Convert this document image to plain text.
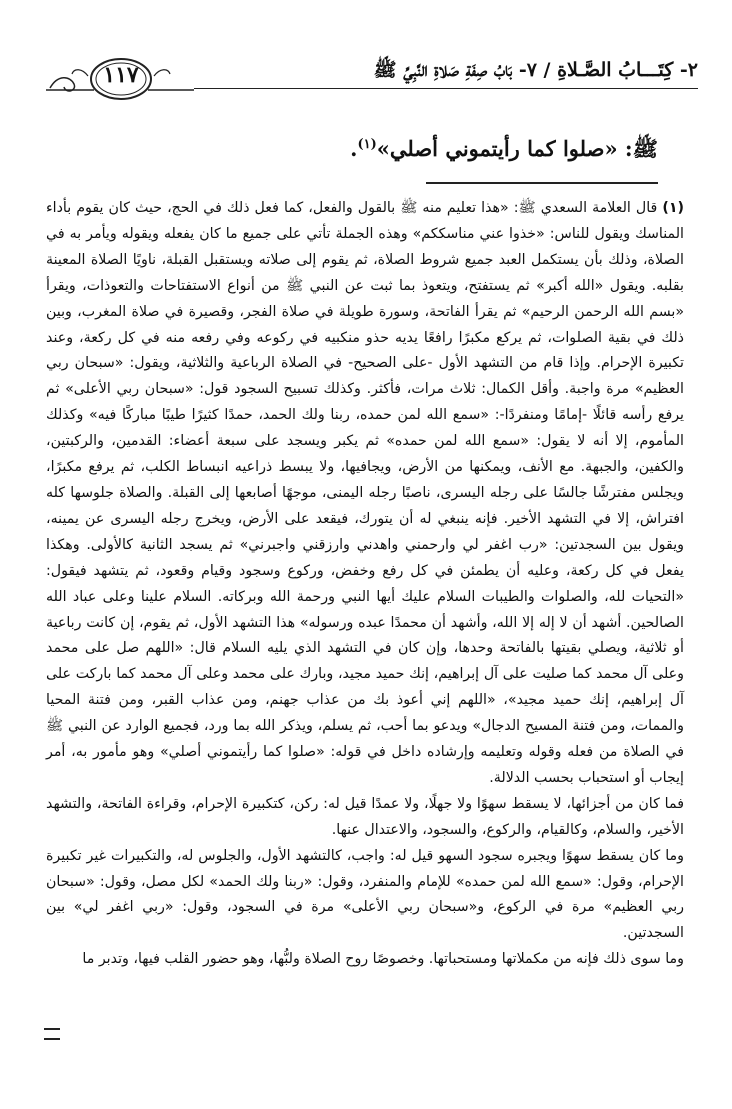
١١٧	٢- كِتَـــابُ الصَّـلاةِ / ٧- بَابُ صِفَةِ صَلاةِ النَّبِيِّ ﷺ
ﷺ: «صلوا كما رأيتموني أصلي»$^{(١)}$.

(١) قال العلامة السعدي ﷺ: «هذا تعليم منه ﷺ بالقول والفعل، كما فعل ذلك في الحج، حيث كان يقوم بأداء المناسك ويقول للناس: «خذوا عني مناسككم» وهذه الجملة تأتي على جميع ما كان يفعله ويقوله ويأمر به في الصلاة، وذلك بأن يستكمل العبد جميع شروط الصلاة، ثم يقوم إلى صلاته ويستقبل القبلة، ناويًا الصلاة المعينة بقلبه. ويقول «الله أكبر» ثم يستفتح، ويتعوذ بما ثبت عن النبي ﷺ من أنواع الاستفتاحات والتعوذات، ويقرأ «بسم الله الرحمن الرحيم» ثم يقرأ الفاتحة، وسورة طويلة في صلاة الفجر، وقصيرة في صلاة المغرب، وبين ذلك في بقية الصلوات، ثم يركع مكبرًا رافعًا يديه حذو منكبيه في ركوعه وفي رفعه منه في كل ركعة، وعند تكبيرة الإحرام. وإذا قام من التشهد الأول -على الصحيح- في الصلاة الرباعية والثلاثية، ويقول: «سبحان ربي العظيم» مرة واجبة. وأقل الكمال: ثلاث مرات، فأكثر. وكذلك تسبيح السجود قول: «سبحان ربي الأعلى» ثم يرفع رأسه قائلًا -إمامًا ومنفردًا-: «سمع الله لمن حمده، ربنا ولك الحمد، حمدًا كثيرًا طيبًا مباركًا فيه» وكذلك المأموم، إلا أنه لا يقول: «سمع الله لمن حمده» ثم يكبر ويسجد على سبعة أعضاء: القدمين، والركبتين، والكفين، والجبهة. مع الأنف، ويمكنها من الأرض، ويجافيها، ولا يبسط ذراعيه انبساط الكلب، ثم يرفع مكبرًا، ويجلس مفترشًا جالسًا على رجله اليسرى، ناصبًا رجله اليمنى، موجهًا أصابعها إلى القبلة. والصلاة جلوسها كله افتراش، إلا في التشهد الأخير. فإنه ينبغي له أن يتورك، فيقعد على الأرض، ويخرج رجله اليسرى عن يمينه، ويقول بين السجدتين: «رب اغفر لي وارحمني واهدني وارزقني واجبرني» ثم يسجد الثانية كالأولى. وهكذا يفعل في كل ركعة، وعليه أن يطمئن في كل رفع وخفض، وركوع وسجود وقيام وقعود، ثم يتشهد فيقول: «التحيات لله، والصلوات والطيبات السلام عليك أيها النبي ورحمة الله وبركاته. السلام علينا وعلى عباد الله الصالحين. أشهد أن لا إله إلا الله، وأشهد أن محمدًا عبده ورسوله» هذا التشهد الأول، ثم يقوم، إن كانت رباعية أو ثلاثية، ويصلي بقيتها بالفاتحة وحدها، وإن كان في التشهد الذي يليه السلام قال: «اللهم صل على محمد وعلى آل محمد كما صليت على آل إبراهيم، إنك حميد مجيد، وبارك على محمد وعلى آل محمد كما باركت على آل إبراهيم، إنك حميد مجيد»، «اللهم إني أعوذ بك من عذاب جهنم، ومن عذاب القبر، ومن فتنة المحيا والممات، ومن فتنة المسيح الدجال» ويدعو بما أحب، ثم يسلم، ويذكر الله بما ورد، فجميع الوارد عن النبي ﷺ في الصلاة من فعله وقوله وتعليمه وإرشاده داخل في قوله: «صلوا كما رأيتموني أصلي» وهو مأمور به، أمر إيجاب أو استحباب بحسب الدلالة.

فما كان من أجزائها، لا يسقط سهوًا ولا جهلًا، ولا عمدًا قيل له: ركن، كتكبيرة الإحرام، وقراءة الفاتحة، والتشهد الأخير، والسلام، وكالقيام، والركوع، والسجود، والاعتدال عنها.

وما كان يسقط سهوًا ويجبره سجود السهو قيل له: واجب، كالتشهد الأول، والجلوس له، والتكبيرات غير تكبيرة الإحرام، وقول: «سمع الله لمن حمده» للإمام والمنفرد، وقول: «ربنا ولك الحمد» لكل مصل، وقول: «سبحان ربي العظيم» مرة في الركوع، و«سبحان ربي الأعلى» مرة في السجود، وقول: «ربي اغفر لي» بين السجدتين.

وما سوى ذلك فإنه من مكملاتها ومستحباتها. وخصوصًا روح الصلاة ولبُّها، وهو حضور القلب فيها، وتدبر ما
